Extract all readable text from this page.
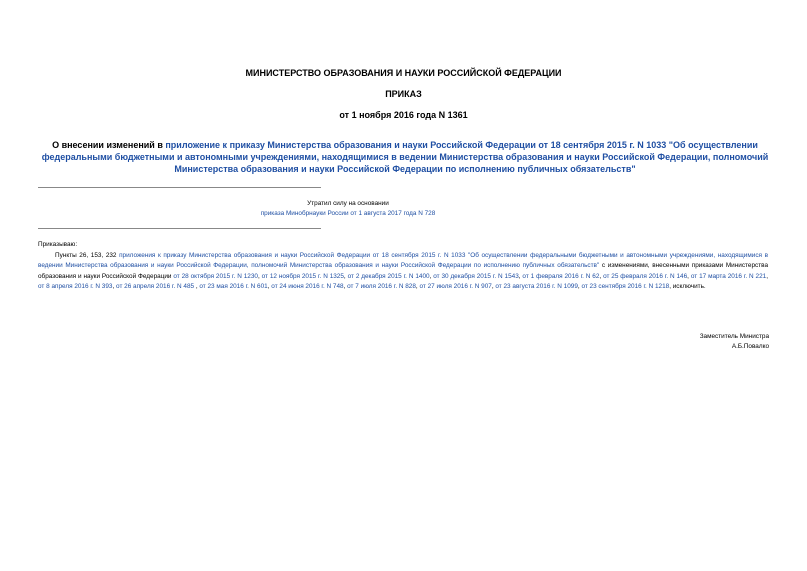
МИНИСТЕРСТВО ОБРАЗОВАНИЯ И НАУКИ РОССИЙСКОЙ ФЕДЕРАЦИИ
ПРИКАЗ
от 1 ноября 2016 года N 1361
О внесении изменений в приложение к приказу Министерства образования и науки Российской Федерации от 18 сентября 2015 г. N 1033 "Об осуществлении федеральными бюджетными и автономными учреждениями, находящимися в ведении Министерства образования и науки Российской Федерации, полномочий Министерства образования и науки Российской Федерации по исполнению публичных обязательств"
Утратил силу на основании
приказа Минобрнауки России от 1 августа 2017 года N 728
Приказываю:

Пункты 26, 153, 232 приложения к приказу Министерства образования и науки Российской Федерации от 18 сентября 2015 г. N 1033 "Об осуществлении федеральными бюджетными и автономными учреждениями, находящимися в ведении Министерства образования и науки Российской Федерации, полномочий Министерства образования и науки Российской Федерации по исполнению публичных обязательств" с изменениями, внесенными приказами Министерства образования и науки Российской Федерации от 28 октября 2015 г. N 1230, от 12 ноября 2015 г. N 1325, от 2 декабря 2015 г. N 1400, от 30 декабря 2015 г. N 1543, от 1 февраля 2016 г. N 62, от 25 февраля 2016 г. N 146, от 17 марта 2016 г. N 221, от 8 апреля 2016 г. N 393, от 26 апреля 2016 г. N 485 , от 23 мая 2016 г. N 601, от 24 июня 2016 г. N 748, от 7 июля 2016 г. N 828, от 27 июля 2016 г. N 907, от 23 августа 2016 г. N 1099, от 23 сентября 2016 г. N 1218, исключить.

Заместитель Министра
А.Б.Повалко
